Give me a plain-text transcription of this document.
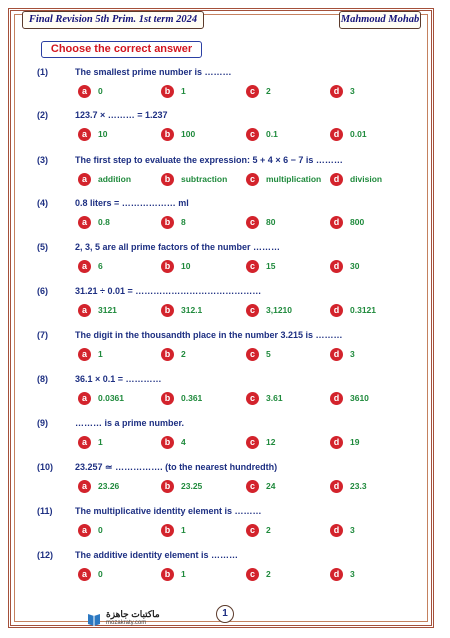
Final Revision 5th Prim. 1st term 2024	Mahmoud Mohab
Choose the correct answer
(1)	The smallest prime number is ………
a	0	b	1	c	2	d	3
(2)	123.7 × ……… = 1.237
a	10	b	100	c	0.1	d	0.01
(3)	The first step to evaluate the expression: 5 + 4 × 6 − 7 is ………
a	addition	b	subtraction	c	multiplication	d	division
(4)	0.8 liters = ……………… ml
a	0.8	b	8	c	80	d	800
(5)	2, 3, 5 are all prime factors of the number ………
a	6	b	10	c	15	d	30
(6)	31.21 ÷ 0.01 = ……………………………………
a	3121	b	312.1	c	3,1210	d	0.3121
(7)	The digit in the thousandth place in the number 3.215 is ………
a	1	b	2	c	5	d	3
(8)	36.1 × 0.1 = …………
a	0.0361	b	0.361	c	3.61	d	3610
(9)	……… is a prime number.
a	1	b	4	c	12	d	19
(10) 23.257 ≃ ……………. (to the nearest hundredth)
a	23.26	b	23.25	c	24	d	23.3
(11) The multiplicative identity element is ………
a	0	b	1	c	2	d	3
(12) The additive identity element is ………
a	0	b	1	c	2	d	3
ماكتبات جاهزة
mozakraty.com
1
